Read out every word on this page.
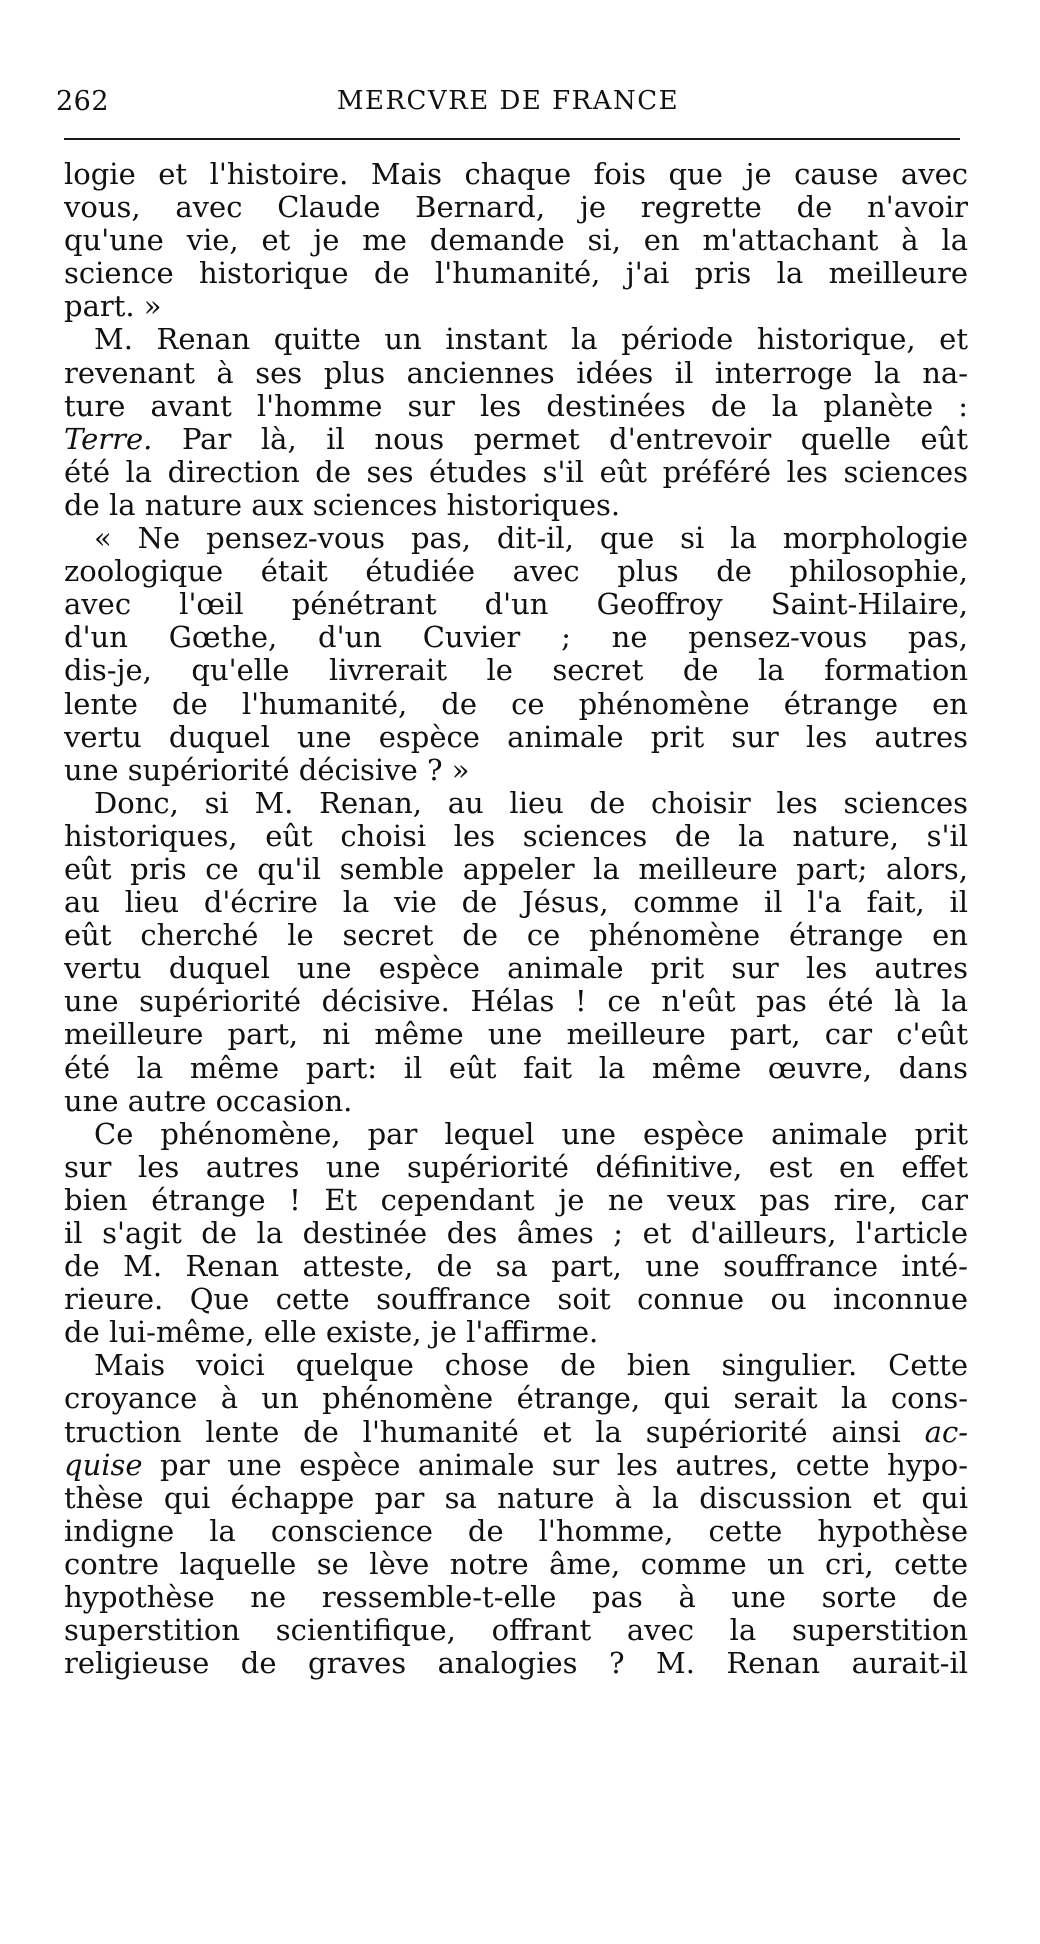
262	MERCVRE DE FRANCE
logie et l'histoire. Mais chaque fois que je cause avec
vous, avec Claude Bernard, je regrette de n'avoir
qu'une vie, et je me demande si, en m'attachant à la
science historique de l'humanité, j'ai pris la meilleure
part. »
M. Renan quitte un instant la période historique, et
revenant à ses plus anciennes idées il interroge la na-
ture avant l'homme sur les destinées de la planète :
Terre. Par là, il nous permet d'entrevoir quelle eût
été la direction de ses études s'il eût préféré les sciences
de la nature aux sciences historiques.
« Ne pensez-vous pas, dit-il, que si la morphologie
zoologique était étudiée avec plus de philosophie,
avec l'œil pénétrant d'un Geoffroy Saint-Hilaire,
d'un Gœthe, d'un Cuvier ; ne pensez-vous pas,
dis-je, qu'elle livrerait le secret de la formation
lente de l'humanité, de ce phénomène étrange en
vertu duquel une espèce animale prit sur les autres
une supériorité décisive ? »
Donc, si M. Renan, au lieu de choisir les sciences
historiques, eût choisi les sciences de la nature, s'il
eût pris ce qu'il semble appeler la meilleure part; alors,
au lieu d'écrire la vie de Jésus, comme il l'a fait, il
eût cherché le secret de ce phénomène étrange en
vertu duquel une espèce animale prit sur les autres
une supériorité décisive. Hélas ! ce n'eût pas été là la
meilleure part, ni même une meilleure part, car c'eût
été la même part: il eût fait la même œuvre, dans
une autre occasion.
Ce phénomène, par lequel une espèce animale prit
sur les autres une supériorité définitive, est en effet
bien étrange ! Et cependant je ne veux pas rire, car
il s'agit de la destinée des âmes ; et d'ailleurs, l'article
de M. Renan atteste, de sa part, une souffrance inté-
rieure. Que cette souffrance soit connue ou inconnue
de lui-même, elle existe, je l'affirme.
Mais voici quelque chose de bien singulier. Cette
croyance à un phénomène étrange, qui serait la cons-
truction lente de l'humanité et la supériorité ainsi ac-
quise par une espèce animale sur les autres, cette hypo-
thèse qui échappe par sa nature à la discussion et qui
indigne la conscience de l'homme, cette hypothèse
contre laquelle se lève notre âme, comme un cri, cette
hypothèse ne ressemble-t-elle pas à une sorte de
superstition scientifique, offrant avec la superstition
religieuse de graves analogies ? M. Renan aurait-il
